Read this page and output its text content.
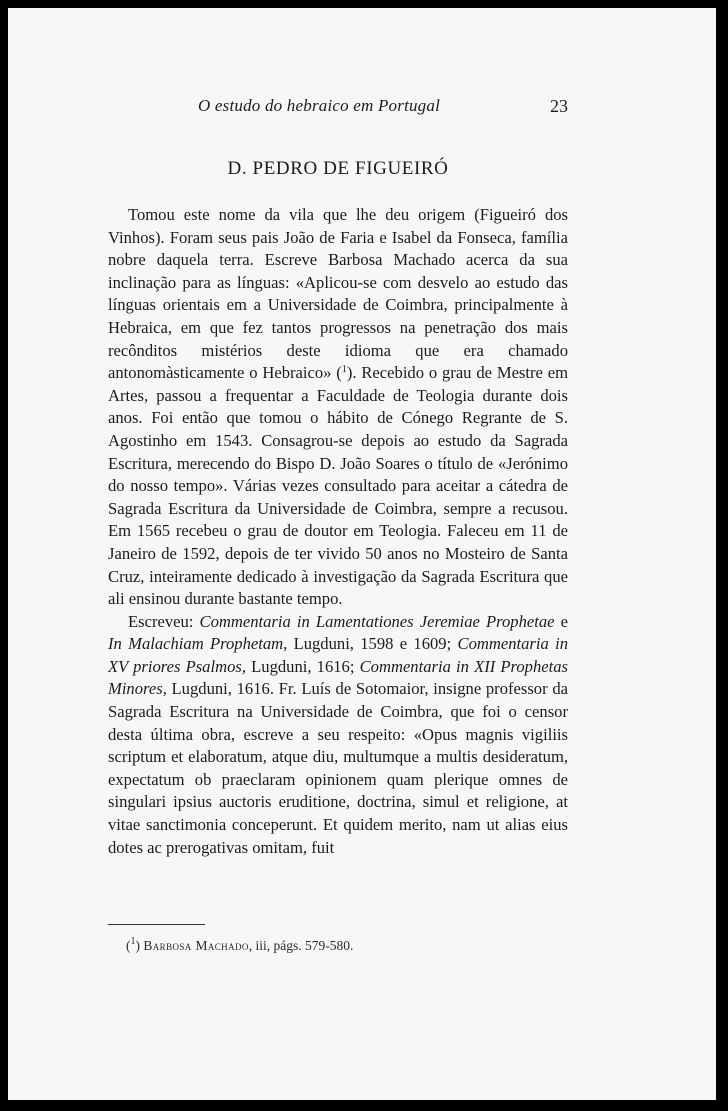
O estudo do hebraico em Portugal	23
D. PEDRO DE FIGUEIRÓ

Tomou este nome da vila que lhe deu origem (Figueiró dos Vinhos). Foram seus pais João de Faria e Isabel da Fonseca, família nobre daquela terra. Escreve Barbosa Machado acerca da sua inclinação para as línguas: «Aplicou-se com desvelo ao estudo das línguas orientais em a Universidade de Coimbra, principalmente à Hebraica, em que fez tantos progressos na penetração dos mais recônditos mistérios deste idioma que era chamado antonomàsticamente o Hebraico» ($^1$). Recebido o grau de Mestre em Artes, passou a frequentar a Faculdade de Teologia durante dois anos. Foi então que tomou o hábito de Cónego Regrante de S. Agostinho em 1543. Consagrou-se depois ao estudo da Sagrada Escritura, merecendo do Bispo D. João Soares o título de «Jerónimo do nosso tempo». Várias vezes consultado para aceitar a cátedra de Sagrada Escritura da Universidade de Coimbra, sempre a recusou. Em 1565 recebeu o grau de doutor em Teologia. Faleceu em 11 de Janeiro de 1592, depois de ter vivido 50 anos no Mosteiro de Santa Cruz, inteiramente dedicado à investigação da Sagrada Escritura que ali ensinou durante bastante tempo.

Escreveu: Commentaria in Lamentationes Jeremiae Prophetae e In Malachiam Prophetam, Lugduni, 1598 e 1609; Commentaria in XV priores Psalmos, Lugduni, 1616; Commentaria in XII Prophetas Minores, Lugduni, 1616. Fr. Luís de Sotomaior, insigne professor da Sagrada Escritura na Universidade de Coimbra, que foi o censor desta última obra, escreve a seu respeito: «Opus magnis vigiliis scriptum et elaboratum, atque diu, multumque a multis desideratum, expectatum ob praeclaram opinionem quam plerique omnes de singulari ipsius auctoris eruditione, doctrina, simul et religione, at vitae sanctimonia conceperunt. Et quidem merito, nam ut alias eius dotes ac prerogativas omitam, fuit

($^1$) Barbosa Machado, iii, págs. 579-580.
